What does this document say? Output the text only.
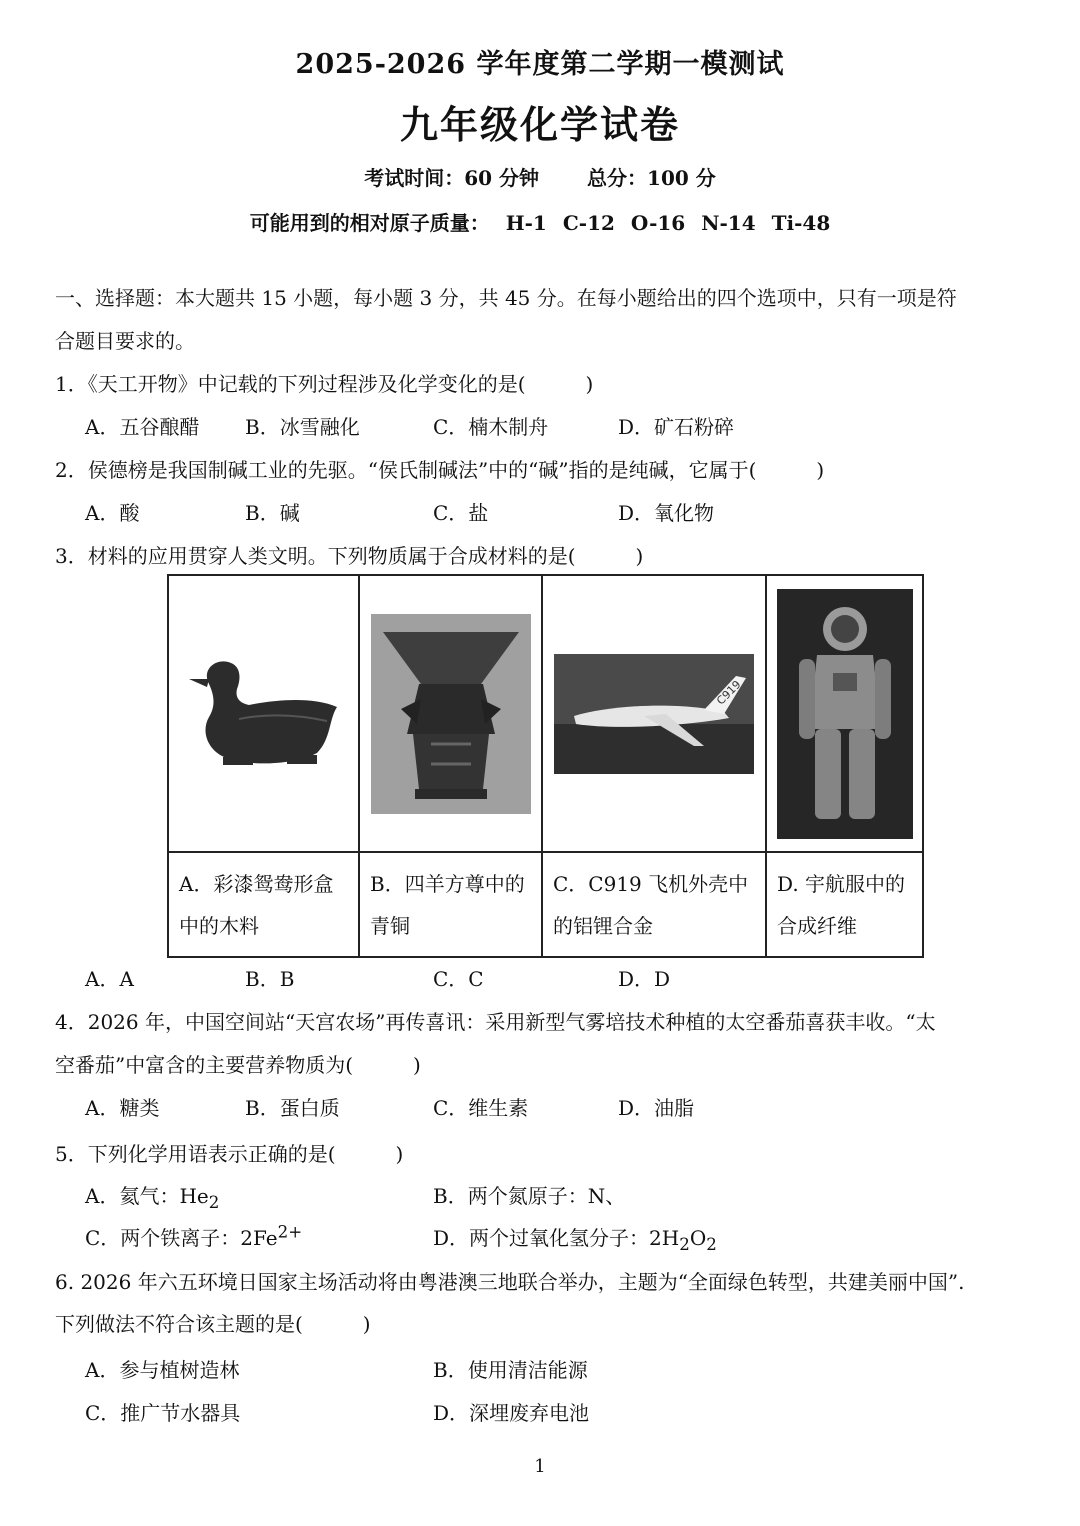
2025-2026 学年度第二学期一模测试
九年级化学试卷
考试时间：60 分钟 总分：100 分
可能用到的相对原子质量： H-1 C-12 O-16 N-14 Ti-48
一、选择题：本大题共 15 小题，每小题 3 分，共 45 分。在每小题给出的四个选项中，只有一项是符
合题目要求的。
1．《天工开物》中记载的下列过程涉及化学变化的是(　　　)
A．五谷酿醋 B．冰雪融化	C．楠木制舟	D．矿石粉碎
2．侯德榜是我国制碱工业的先驱。“侯氏制碱法”中的“碱”指的是纯碱，它属于(　　　)
A．酸	B．碱	C．盐	D．氧化物
3．材料的应用贯穿人类文明。下列物质属于合成材料的是(　　　)

C919

A．彩漆鸳鸯形盒中的木料	B．四羊方尊中的青铜	C．C919 飞机外壳中的铝锂合金	D. 宇航服中的合成纤维
A．A	B．B	C．C	D．D
4．2026 年，中国空间站“天宫农场”再传喜讯：采用新型气雾培技术种植的太空番茄喜获丰收。“太
空番茄”中富含的主要营养物质为(　　　)
A．糖类	B．蛋白质	C．维生素	D．油脂
5．下列化学用语表示正确的是(　　　)
A．氦气：$He_2$	B．两个氮原子：N、
C．两个铁离子：$2Fe^{2+}$	D．两个过氧化氢分子：$2H_2O_2$
6. 2026 年六五环境日国家主场活动将由粤港澳三地联合举办，主题为“全面绿色转型，共建美丽中国”.
下列做法不符合该主题的是(　　　)
A．参与植树造林	B．使用清洁能源
C．推广节水器具	D．深埋废弃电池
1
